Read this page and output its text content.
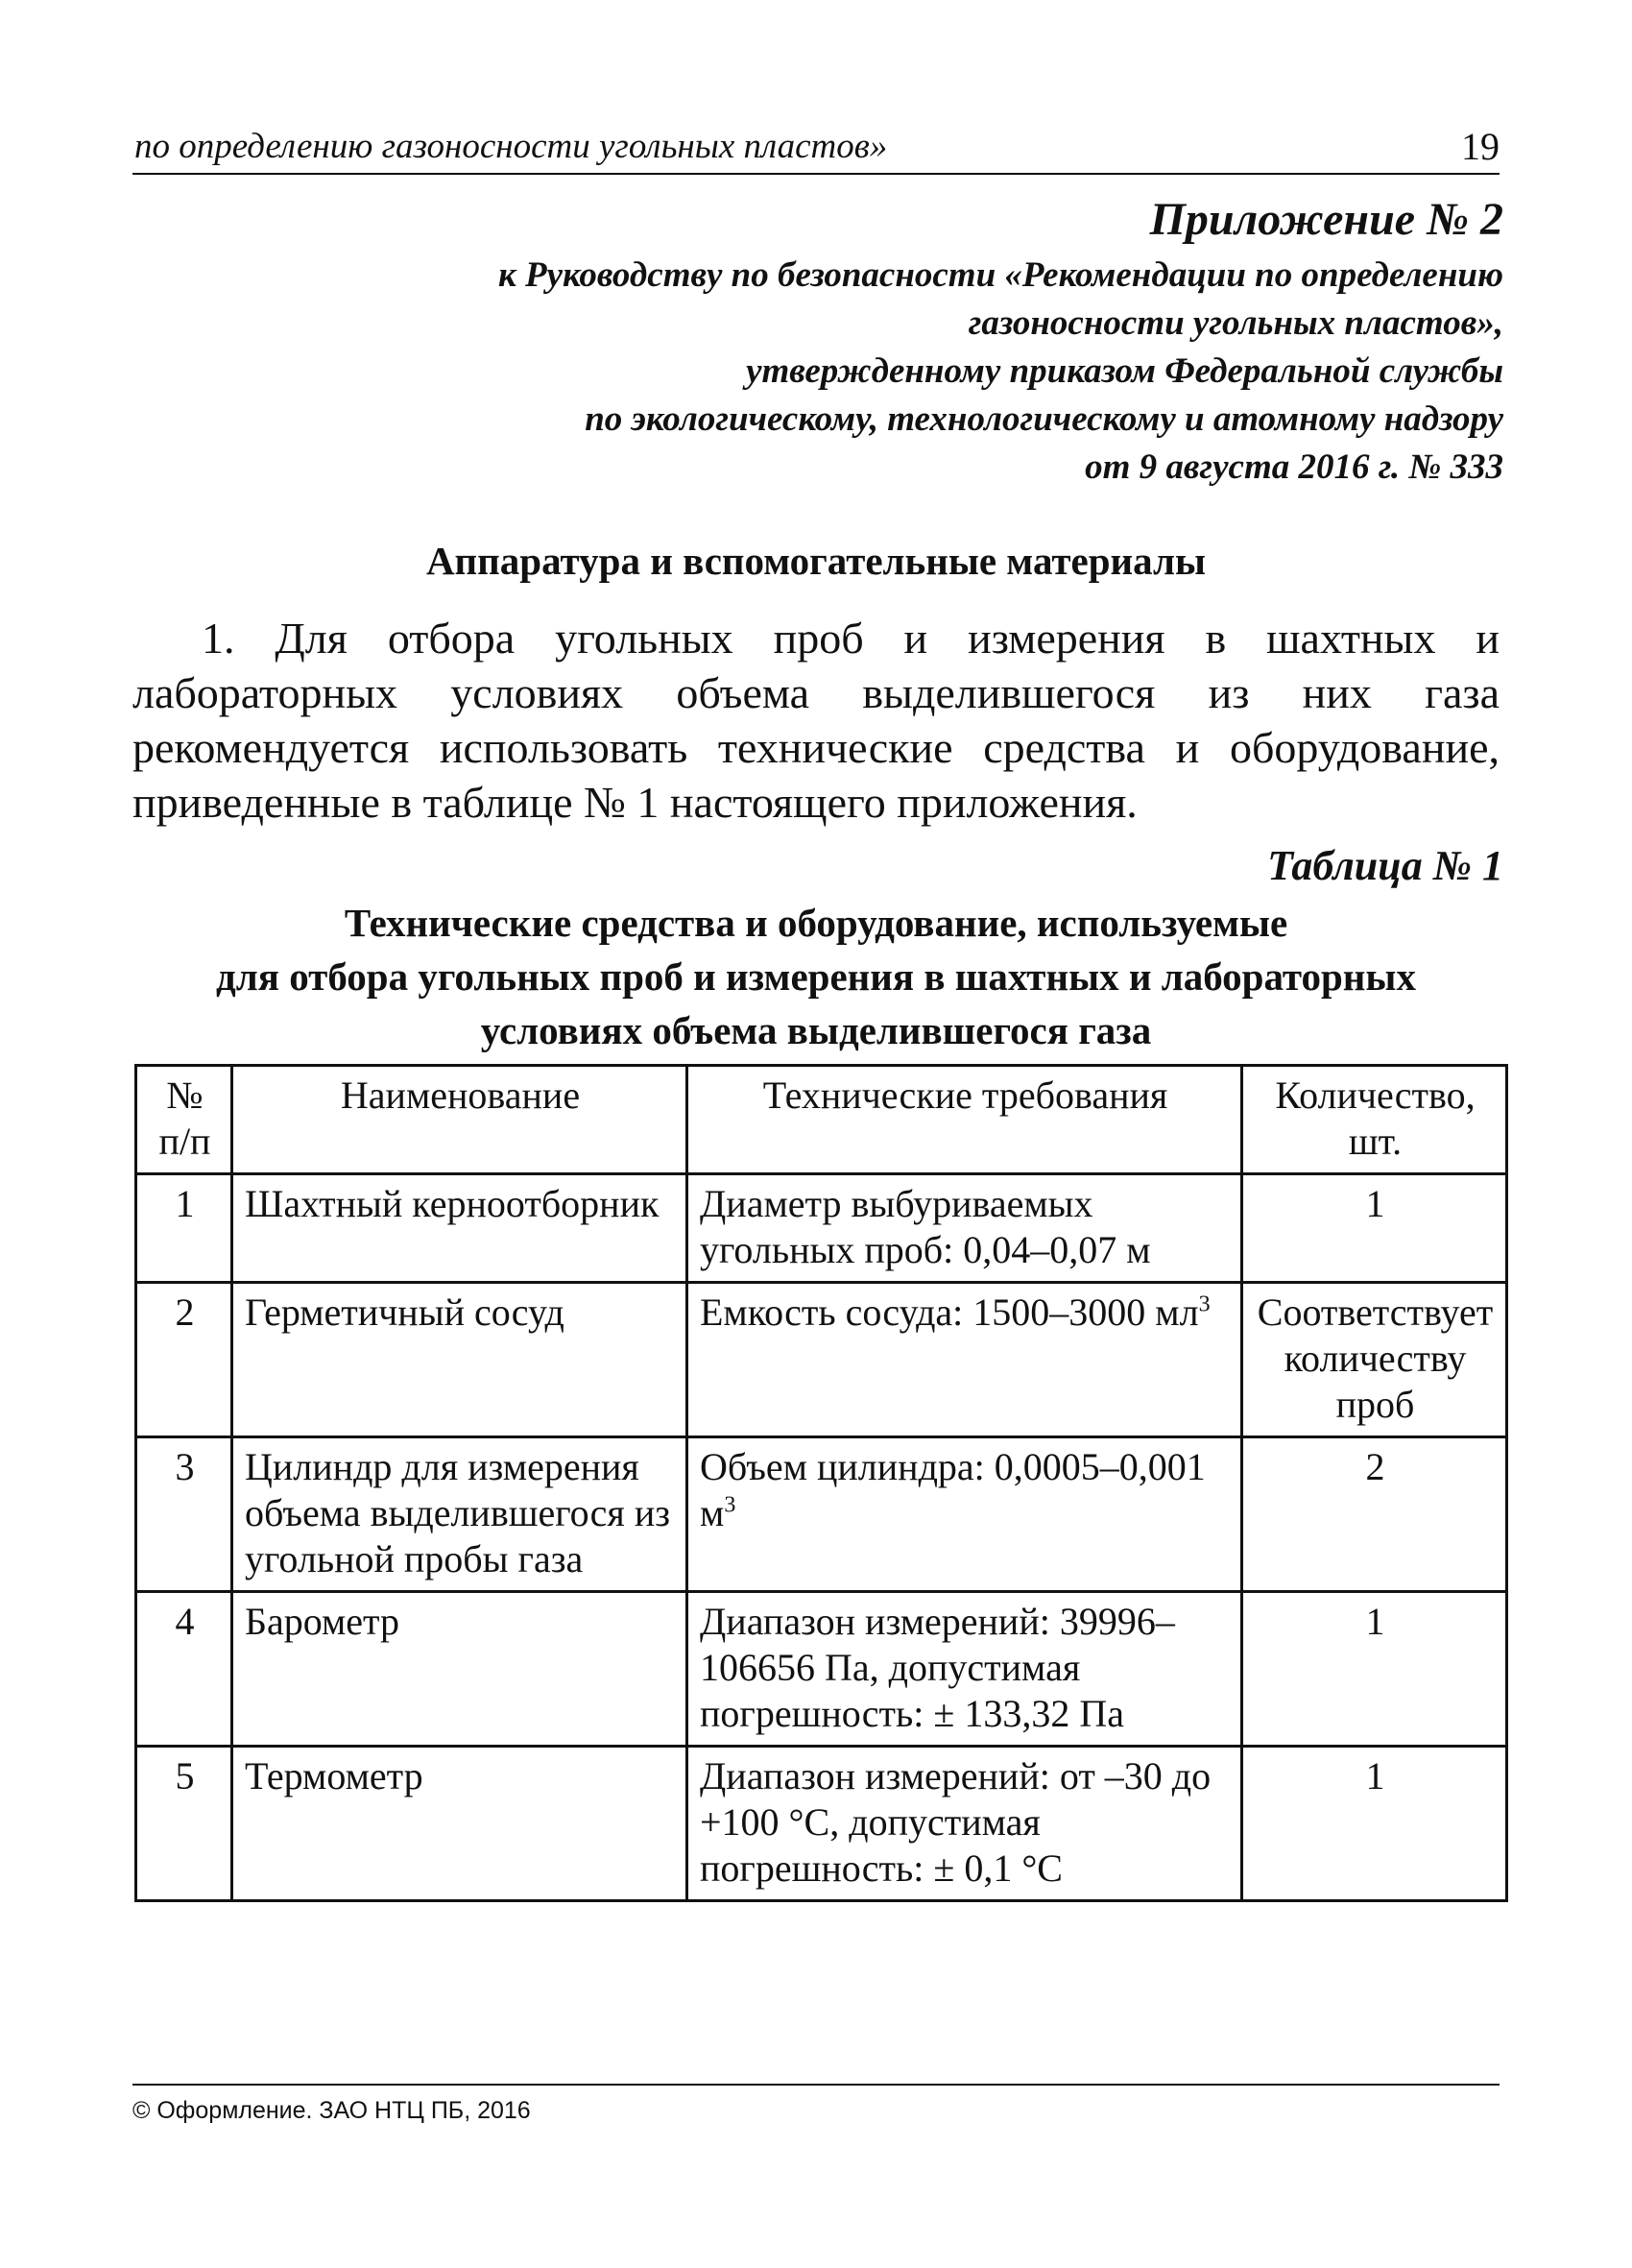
по определению газоносности угольных пластов»	19
Приложение № 2
к Руководству по безопасности «Рекомендации по определению
газоносности угольных пластов»,
утвержденному приказом Федеральной службы
по экологическому, технологическому и атомному надзору
от 9 августа 2016 г. № 333
Аппаратура и вспомогательные материалы
1. Для отбора угольных проб и измерения в шахтных и лабораторных условиях объема выделившегося из них газа рекомендуется использовать технические средства и оборудование, приведенные в таблице № 1 настоящего приложения.
Таблица № 1
Технические средства и оборудование, используемые
для отбора угольных проб и измерения в шахтных и лабораторных
условиях объема выделившегося газа
№ п/п	Наименование	Технические требования	Количество, шт.
1	Шахтный керноотборник	Диаметр выбуриваемых угольных проб: 0,04–0,07 м	1
2	Герметичный сосуд	Емкость сосуда: 1500–3000 $мл^3$	Соответствует количеству проб
3	Цилиндр для измерения объема выделившегося из угольной пробы газа	Объем цилиндра: 0,0005–0,001 $м^3$	2
4	Барометр	Диапазон измерений: 39996–106656 Па, допустимая погрешность: ± 133,32 Па	1
5	Термометр	Диапазон измерений: от –30 до +100 °С, допустимая погрешность: ± 0,1 °С	1
© Оформление. ЗАО НТЦ ПБ, 2016
